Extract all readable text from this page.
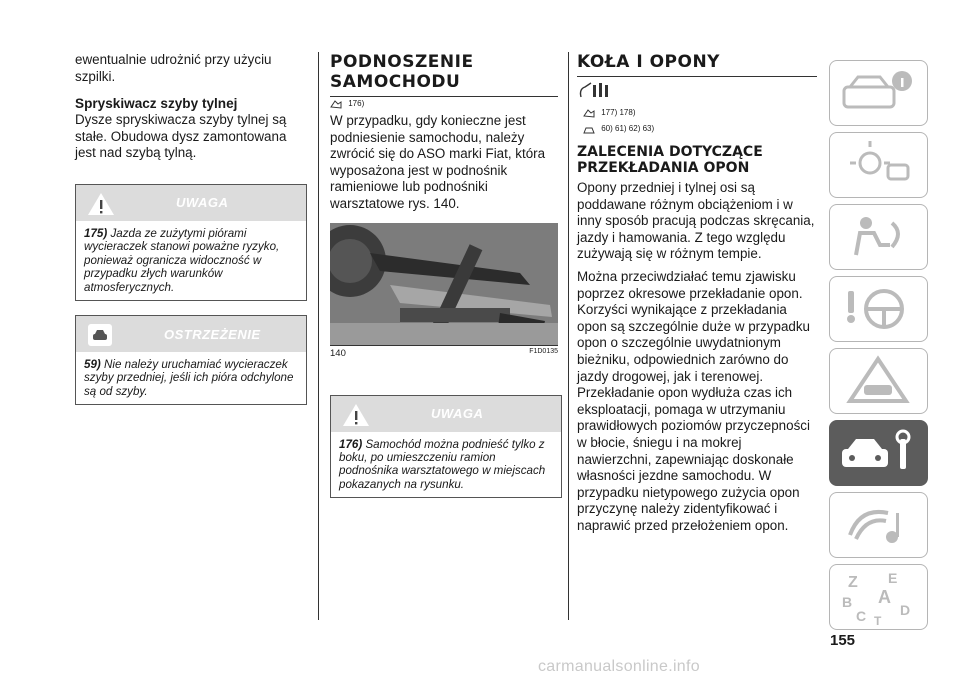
ewentualnie udrożnić przy użyciu szpilki.

Spryskiwacz szyby tylnej

Dysze spryskiwacza szyby tylnej są stałe. Obudowa dysz zamontowana jest nad szybą tylną.

UWAGA
175) Jazda ze zużytymi piórami wycieraczek stanowi poważne ryzyko, ponieważ ogranicza widoczność w przypadku złych warunków atmosferycznych.
OSTRZEŻENIE
59) Nie należy uruchamiać wycieraczek szyby przedniej, jeśli ich pióra odchylone są od szyby.
PODNOSZENIE SAMOCHODU
176)

W przypadku, gdy konieczne jest podniesienie samochodu, należy zwrócić się do ASO marki Fiat, która wyposażona jest w podnośnik ramieniowe lub podnośniki warsztatowe rys. 140.

140	F1D0135
UWAGA
176) Samochód można podnieść tylko z boku, po umieszczeniu ramion podnośnika warsztatowego w miejscach pokazanych na rysunku.
KOŁA I OPONY
177) 178)
60) 61) 62) 63)
ZALECENIA DOTYCZĄCE PRZEKŁADANIA OPON

Opony przedniej i tylnej osi są poddawane różnym obciążeniom i w inny sposób pracują podczas skręcania, jazdy i hamowania. Z tego względu zużywają się w różnym tempie.

Można przeciwdziałać temu zjawisku poprzez okresowe przekładanie opon. Korzyści wynikające z przekładania opon są szczególnie duże w przypadku opon o szczególnie uwydatnionym bieżniku, odpowiednich zarówno do jazdy drogowej, jak i terenowej. Przekładanie opon wydłuża czas ich eksploatacji, pomaga w utrzymaniu prawidłowych poziomów przyczepności w błocie, śniegu i na mokrej nawierzchni, zapewniając doskonałe własności jezdne samochodu. W przypadku nietypowego zużycia opon przyczynę należy zidentyfikować i naprawić przed przełożeniem opon.

Z E
B A
C D
T
155
carmanualsonline.info
